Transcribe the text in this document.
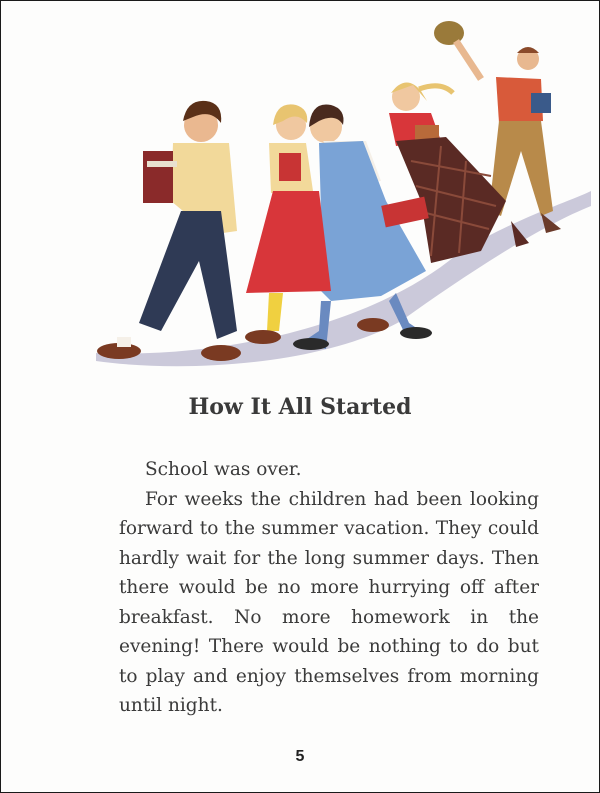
How It All Started

School was over.

For weeks the children had been looking forward to the summer vacation. They could hardly wait for the long summer days. Then there would be no more hurrying off after breakfast. No more homework in the evening! There would be nothing to do but to play and enjoy themselves from morning until night.

5
